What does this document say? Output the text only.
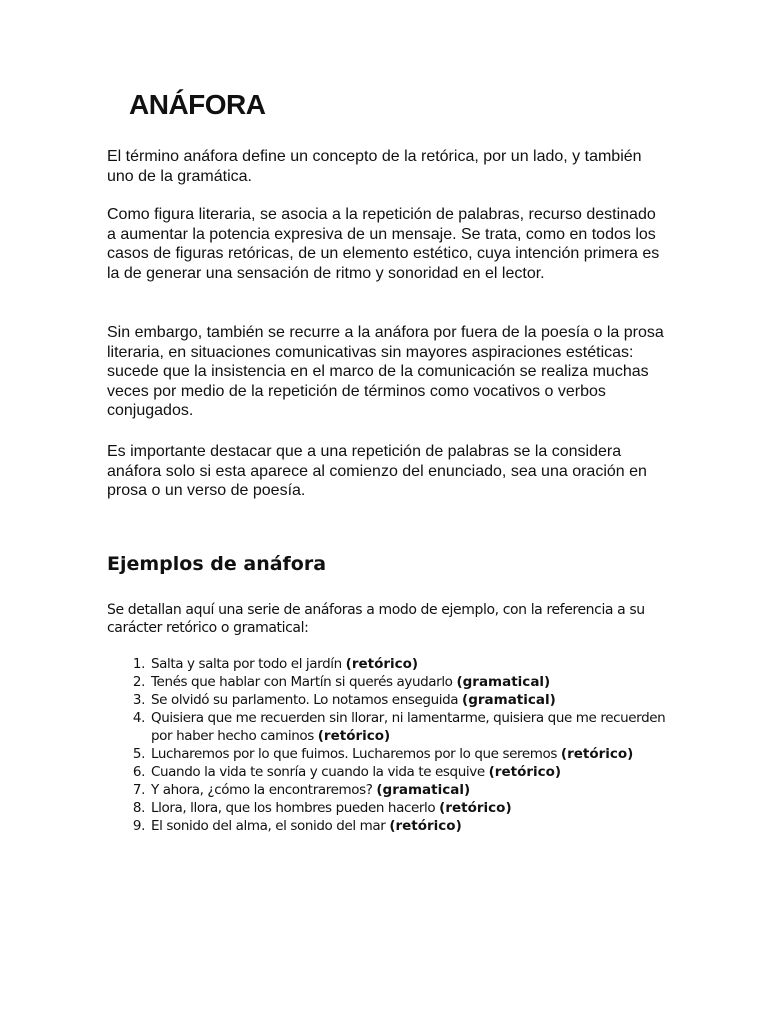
ANÁFORA

El término anáfora define un concepto de la retórica, por un lado, y también uno de la gramática.

Como figura literaria, se asocia a la repetición de palabras, recurso destinado a aumentar la potencia expresiva de un mensaje. Se trata, como en todos los casos de figuras retóricas, de un elemento estético, cuya intención primera es la de generar una sensación de ritmo y sonoridad en el lector.

Sin embargo, también se recurre a la anáfora por fuera de la poesía o la prosa literaria, en situaciones comunicativas sin mayores aspiraciones estéticas: sucede que la insistencia en el marco de la comunicación se realiza muchas veces por medio de la repetición de términos como vocativos o verbos conjugados.

Es importante destacar que a una repetición de palabras se la considera anáfora solo si esta aparece al comienzo del enunciado, sea una oración en prosa o un verso de poesía.

Ejemplos de anáfora

Se detallan aquí una serie de anáforas a modo de ejemplo, con la referencia a su carácter retórico o gramatical:

1. Salta y salta por todo el jardín (retórico)
2. Tenés que hablar con Martín si querés ayudarlo (gramatical)
3. Se olvidó su parlamento. Lo notamos enseguida (gramatical)
4. Quisiera que me recuerden sin llorar, ni lamentarme, quisiera que me recuerden por haber hecho caminos (retórico)
5. Lucharemos por lo que fuimos. Lucharemos por lo que seremos (retórico)
6. Cuando la vida te sonría y cuando la vida te esquive (retórico)
7. Y ahora, ¿cómo la encontraremos? (gramatical)
8. Llora, llora, que los hombres pueden hacerlo (retórico)
9. El sonido del alma, el sonido del mar (retórico)
